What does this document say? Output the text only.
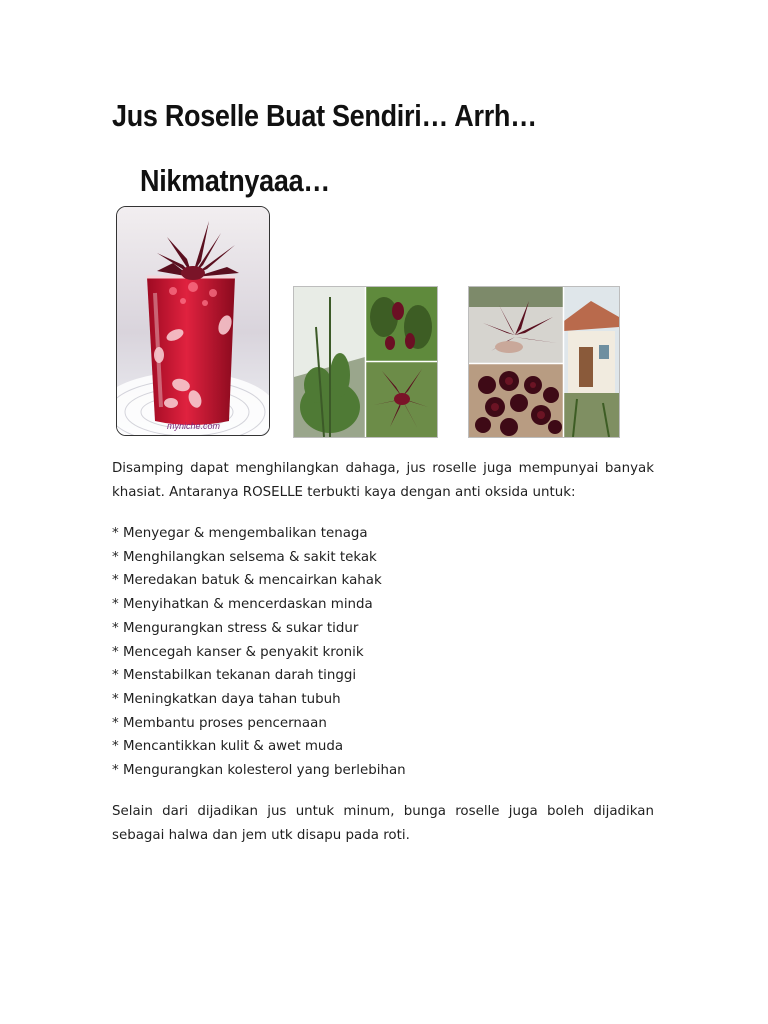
Jus Roselle Buat Sendiri… Arrh…
Nikmatnyaaa…
myniche.com

Disamping dapat menghilangkan dahaga, jus roselle juga mempunyai banyak khasiat. Antaranya ROSELLE terbukti kaya dengan anti oksida untuk:

* Menyegar & mengembalikan tenaga
* Menghilangkan selsema & sakit tekak
* Meredakan batuk & mencairkan kahak
* Menyihatkan & mencerdaskan minda
* Mengurangkan stress & sukar tidur
* Mencegah kanser & penyakit kronik
* Menstabilkan tekanan darah tinggi
* Meningkatkan daya tahan tubuh
* Membantu proses pencernaan
* Mencantikkan kulit & awet muda
* Mengurangkan kolesterol yang berlebihan

Selain dari dijadikan jus untuk minum, bunga roselle juga boleh dijadikan sebagai halwa dan jem utk disapu pada roti.
